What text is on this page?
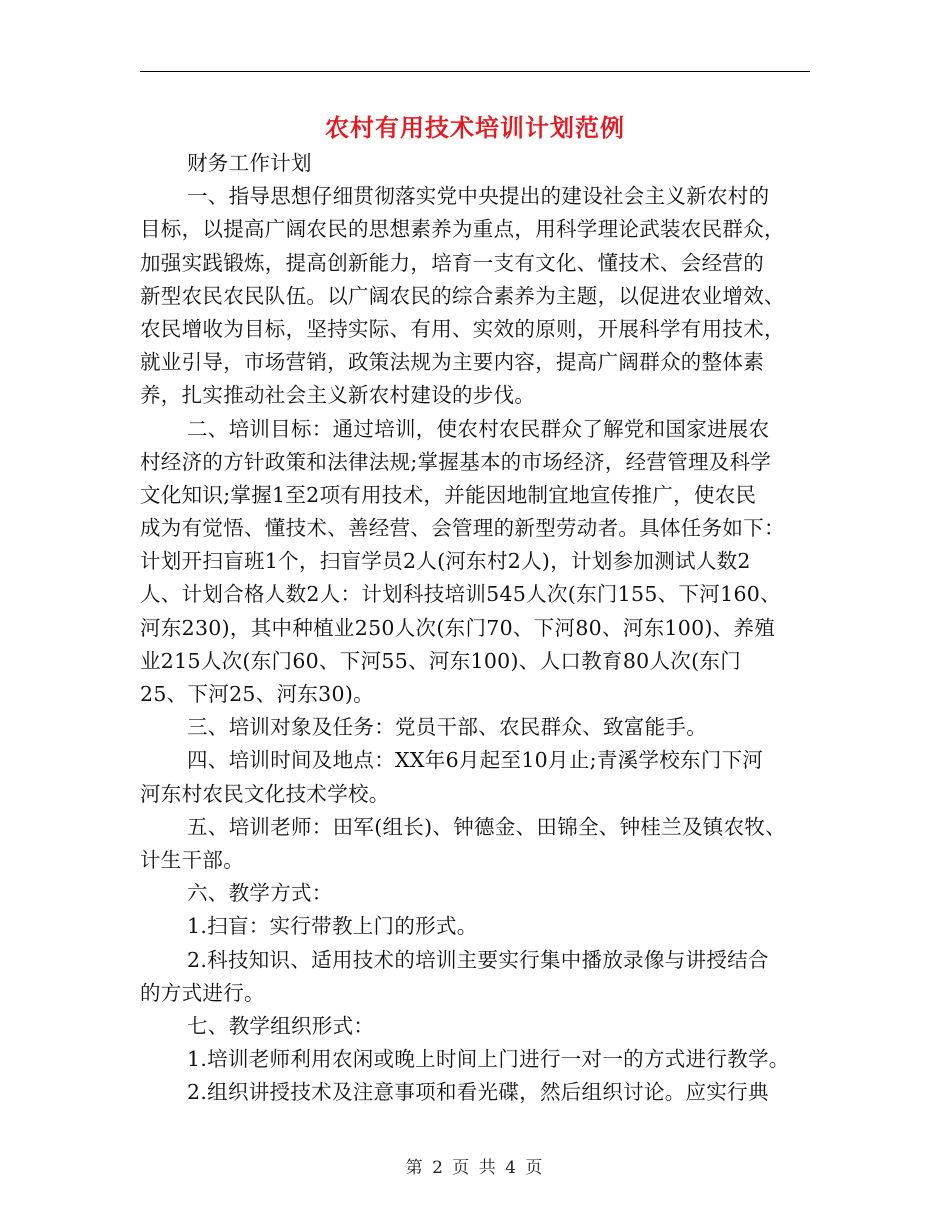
农村有用技术培训计划范例
财务工作计划
一、指导思想仔细贯彻落实党中央提出的建设社会主义新农村的
目标，以提高广阔农民的思想素养为重点，用科学理论武装农民群众，
加强实践锻炼，提高创新能力，培育一支有文化、懂技术、会经营的
新型农民农民队伍。以广阔农民的综合素养为主题，以促进农业增效、
农民增收为目标，坚持实际、有用、实效的原则，开展科学有用技术，
就业引导，市场营销，政策法规为主要内容，提高广阔群众的整体素
养，扎实推动社会主义新农村建设的步伐。
二、培训目标：通过培训，使农村农民群众了解党和国家进展农
村经济的方针政策和法律法规;掌握基本的市场经济，经营管理及科学
文化知识;掌握1至2项有用技术，并能因地制宜地宣传推广，使农民
成为有觉悟、懂技术、善经营、会管理的新型劳动者。具体任务如下：
计划开扫盲班1个，扫盲学员2人(河东村2人)，计划参加测试人数2
人、计划合格人数2人：计划科技培训545人次(东门155、下河160、
河东230)，其中种植业250人次(东门70、下河80、河东100)、养殖
业215人次(东门60、下河55、河东100)、人口教育80人次(东门
25、下河25、河东30)。
三、培训对象及任务：党员干部、农民群众、致富能手。
四、培训时间及地点：XX年6月起至10月止;青溪学校东门下河
河东村农民文化技术学校。
五、培训老师：田军(组长)、钟德金、田锦全、钟桂兰及镇农牧、
计生干部。
六、教学方式：
1.扫盲：实行带教上门的形式。
2.科技知识、适用技术的培训主要实行集中播放录像与讲授结合
的方式进行。
七、教学组织形式：
1.培训老师利用农闲或晚上时间上门进行一对一的方式进行教学。
2.组织讲授技术及注意事项和看光碟，然后组织讨论。应实行典
第 2 页 共 4 页
